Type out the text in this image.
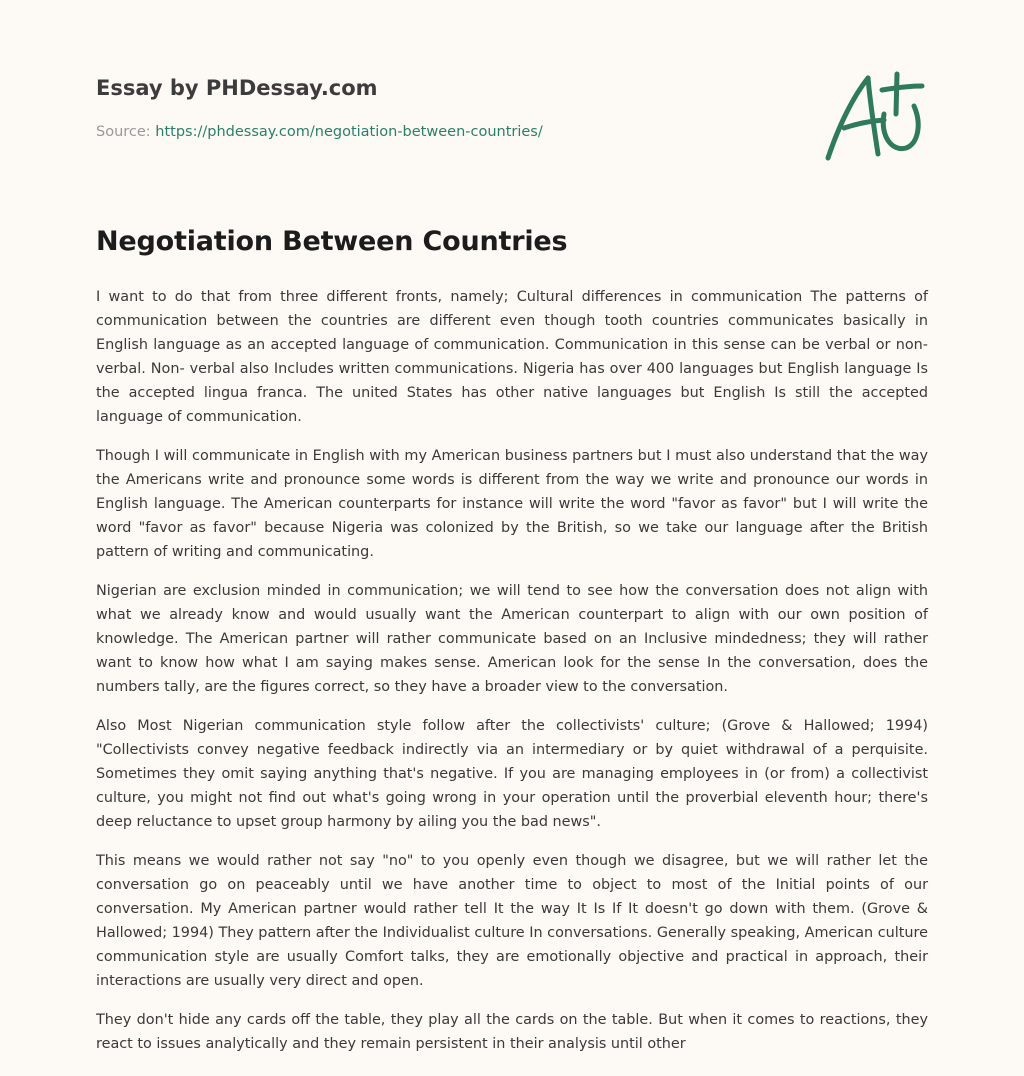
Essay by PHDessay.com

Source: https://phdessay.com/negotiation-between-countries/

Negotiation Between Countries

I want to do that from three different fronts, namely; Cultural differences in communication The patterns of communication between the countries are different even though tooth countries communicates basically in English language as an accepted language of communication. Communication in this sense can be verbal or non-verbal. Non- verbal also Includes written communications. Nigeria has over 400 languages but English language Is the accepted lingua franca. The united States has other native languages but English Is still the accepted language of communication.

Though I will communicate in English with my American business partners but I must also understand that the way the Americans write and pronounce some words is different from the way we write and pronounce our words in English language. The American counterparts for instance will write the word "favor as favor" but I will write the word "favor as favor" because Nigeria was colonized by the British, so we take our language after the British pattern of writing and communicating.

Nigerian are exclusion minded in communication; we will tend to see how the conversation does not align with what we already know and would usually want the American counterpart to align with our own position of knowledge. The American partner will rather communicate based on an Inclusive mindedness; they will rather want to know how what I am saying makes sense. American look for the sense In the conversation, does the numbers tally, are the figures correct, so they have a broader view to the conversation.

Also Most Nigerian communication style follow after the collectivists' culture; (Grove & Hallowed; 1994) "Collectivists convey negative feedback indirectly via an intermediary or by quiet withdrawal of a perquisite. Sometimes they omit saying anything that's negative. If you are managing employees in (or from) a collectivist culture, you might not find out what's going wrong in your operation until the proverbial eleventh hour; there's deep reluctance to upset group harmony by ailing you the bad news".

This means we would rather not say "no" to you openly even though we disagree, but we will rather let the conversation go on peaceably until we have another time to object to most of the Initial points of our conversation. My American partner would rather tell It the way It Is If It doesn't go down with them. (Grove & Hallowed; 1994) They pattern after the Individualist culture In conversations. Generally speaking, American culture communication style are usually Comfort talks, they are emotionally objective and practical in approach, their interactions are usually very direct and open.

They don't hide any cards off the table, they play all the cards on the table. But when it comes to reactions, they react to issues analytically and they remain persistent in their analysis until other
